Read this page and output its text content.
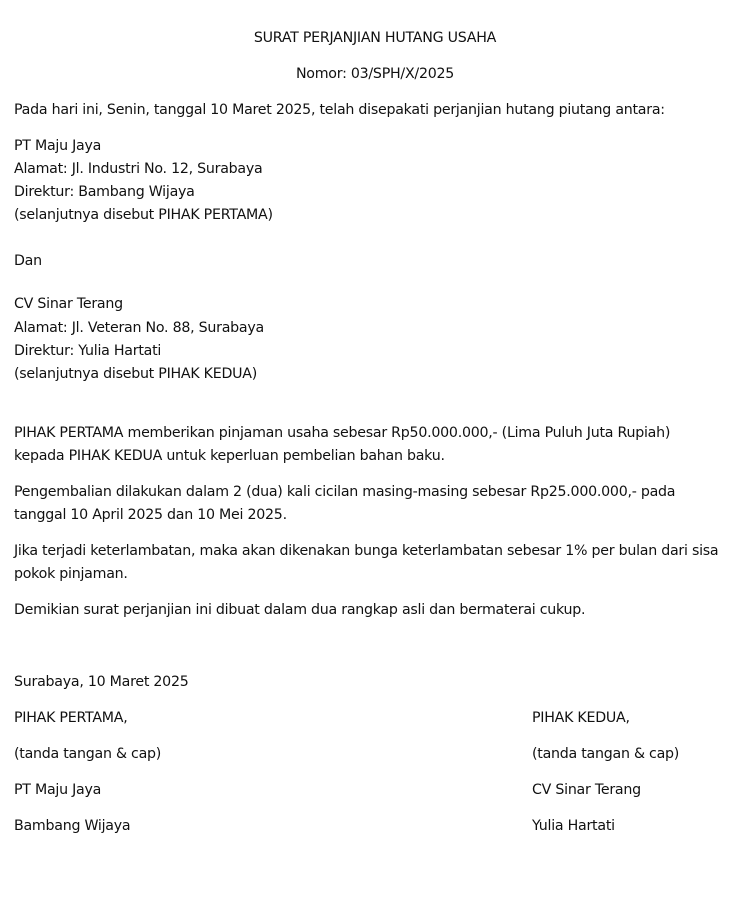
SURAT PERJANJIAN HUTANG USAHA
Nomor: 03/SPH/X/2025
Pada hari ini, Senin, tanggal 10 Maret 2025, telah disepakati perjanjian hutang piutang antara:
PT Maju Jaya
Alamat: Jl. Industri No. 12, Surabaya
Direktur: Bambang Wijaya
(selanjutnya disebut PIHAK PERTAMA)
Dan
CV Sinar Terang
Alamat: Jl. Veteran No. 88, Surabaya
Direktur: Yulia Hartati
(selanjutnya disebut PIHAK KEDUA)
PIHAK PERTAMA memberikan pinjaman usaha sebesar Rp50.000.000,- (Lima Puluh Juta Rupiah)
kepada PIHAK KEDUA untuk keperluan pembelian bahan baku.
Pengembalian dilakukan dalam 2 (dua) kali cicilan masing-masing sebesar Rp25.000.000,- pada
tanggal 10 April 2025 dan 10 Mei 2025.
Jika terjadi keterlambatan, maka akan dikenakan bunga keterlambatan sebesar 1% per bulan dari sisa
pokok pinjaman.
Demikian surat perjanjian ini dibuat dalam dua rangkap asli dan bermaterai cukup.
Surabaya, 10 Maret 2025
PIHAK PERTAMA,
(tanda tangan & cap)
PT Maju Jaya
Bambang Wijaya
PIHAK KEDUA,
(tanda tangan & cap)
CV Sinar Terang
Yulia Hartati
